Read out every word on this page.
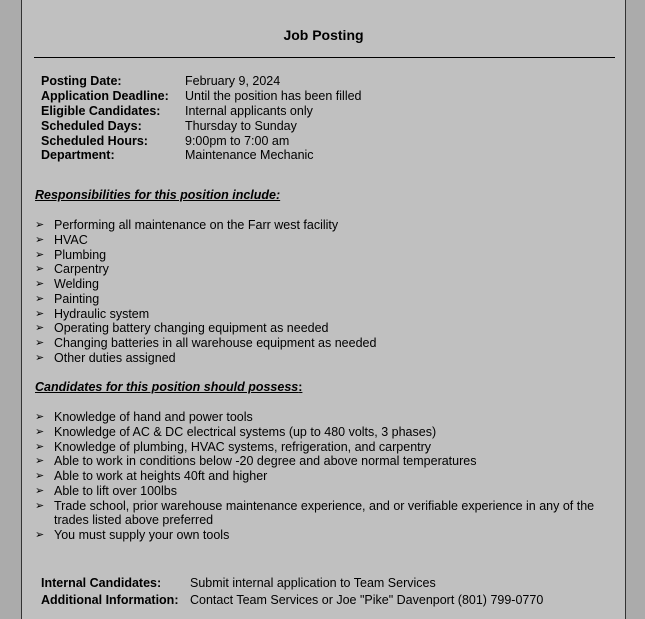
Job Posting
Posting Date:	February 9, 2024
Application Deadline: Until the position has been filled
Eligible Candidates: Internal applicants only
Scheduled Days:	Thursday to Sunday
Scheduled Hours:	9:00pm to 7:00 am
Department:	Maintenance Mechanic
Responsibilities for this position include:
➢ Performing all maintenance on the Farr west facility
➢ HVAC
➢ Plumbing
➢ Carpentry
➢ Welding
➢ Painting
➢ Hydraulic system
➢ Operating battery changing equipment as needed
➢ Changing batteries in all warehouse equipment as needed
➢ Other duties assigned
Candidates for this position should possess:
➢ Knowledge of hand and power tools
➢ Knowledge of AC & DC electrical systems (up to 480 volts, 3 phases)
➢ Knowledge of plumbing, HVAC systems, refrigeration, and carpentry
➢ Able to work in conditions below -20 degree and above normal temperatures
➢ Able to work at heights 40ft and higher
➢ Able to lift over 100lbs
➢ Trade school, prior warehouse maintenance experience, and or verifiable experience in any of the trades listed above preferred
➢ You must supply your own tools
Internal Candidates: Submit internal application to Team Services
Additional Information: Contact Team Services or Joe "Pike" Davenport (801) 799-0770
